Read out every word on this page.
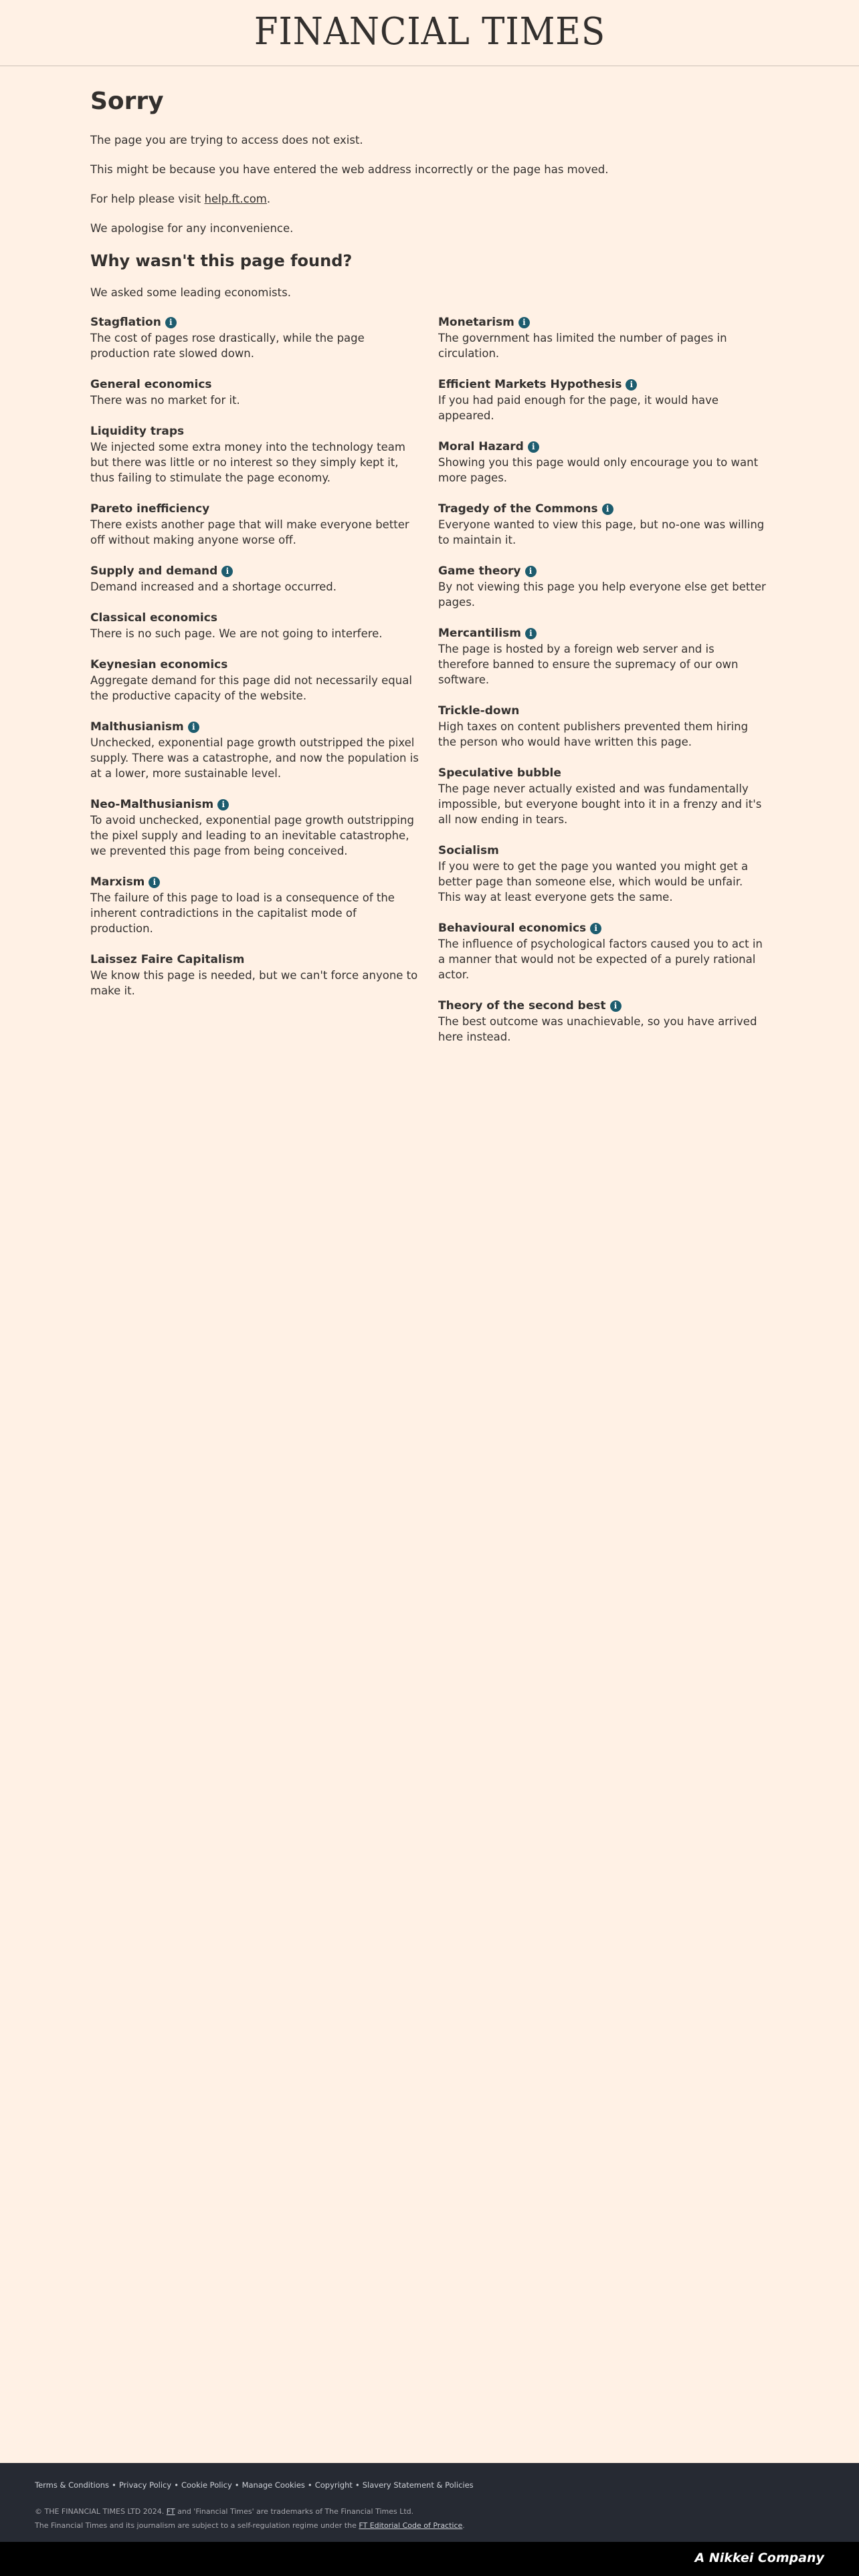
FINANCIAL TIMES
Sorry

The page you are trying to access does not exist.

This might be because you have entered the web address incorrectly or the page has moved.

For help please visit help.ft.com.

We apologise for any inconvenience.

Why wasn't this page found?

We asked some leading economists.

Stagflation	i
The cost of pages rose drastically, while the page production rate slowed down.
General economics
There was no market for it.
Liquidity traps
We injected some extra money into the technology team but there was little or no interest so they simply kept it, thus failing to stimulate the page economy.
Pareto inefficiency
There exists another page that will make everyone better off without making anyone worse off.
Supply and demand	i
Demand increased and a shortage occurred.
Classical economics
There is no such page. We are not going to interfere.
Keynesian economics
Aggregate demand for this page did not necessarily equal the productive capacity of the website.
Malthusianism	i
Unchecked, exponential page growth outstripped the pixel supply. There was a catastrophe, and now the population is at a lower, more sustainable level.
Neo-Malthusianism	i
To avoid unchecked, exponential page growth outstripping the pixel supply and leading to an inevitable catastrophe, we prevented this page from being conceived.
Marxism	i
The failure of this page to load is a consequence of the inherent contradictions in the capitalist mode of production.
Laissez Faire Capitalism
We know this page is needed, but we can't force anyone to make it.
Monetarism	i
The government has limited the number of pages in circulation.
Efficient Markets Hypothesis	i
If you had paid enough for the page, it would have appeared.
Moral Hazard	i
Showing you this page would only encourage you to want more pages.
Tragedy of the Commons	i
Everyone wanted to view this page, but no-one was willing to maintain it.
Game theory	i
By not viewing this page you help everyone else get better pages.
Mercantilism	i
The page is hosted by a foreign web server and is therefore banned to ensure the supremacy of our own software.
Trickle-down
High taxes on content publishers prevented them hiring the person who would have written this page.
Speculative bubble
The page never actually existed and was fundamentally impossible, but everyone bought into it in a frenzy and it's all now ending in tears.
Socialism
If you were to get the page you wanted you might get a better page than someone else, which would be unfair. This way at least everyone gets the same.
Behavioural economics	i
The influence of psychological factors caused you to act in a manner that would not be expected of a purely rational actor.
Theory of the second best	i
The best outcome was unachievable, so you have arrived here instead.
Terms & Conditions • Privacy Policy • Cookie Policy • Manage Cookies • Copyright • Slavery Statement & Policies
© THE FINANCIAL TIMES LTD 2024. FT and 'Financial Times' are trademarks of The Financial Times Ltd.
The Financial Times and its journalism are subject to a self-regulation regime under the FT Editorial Code of Practice.
A Nikkei Company
